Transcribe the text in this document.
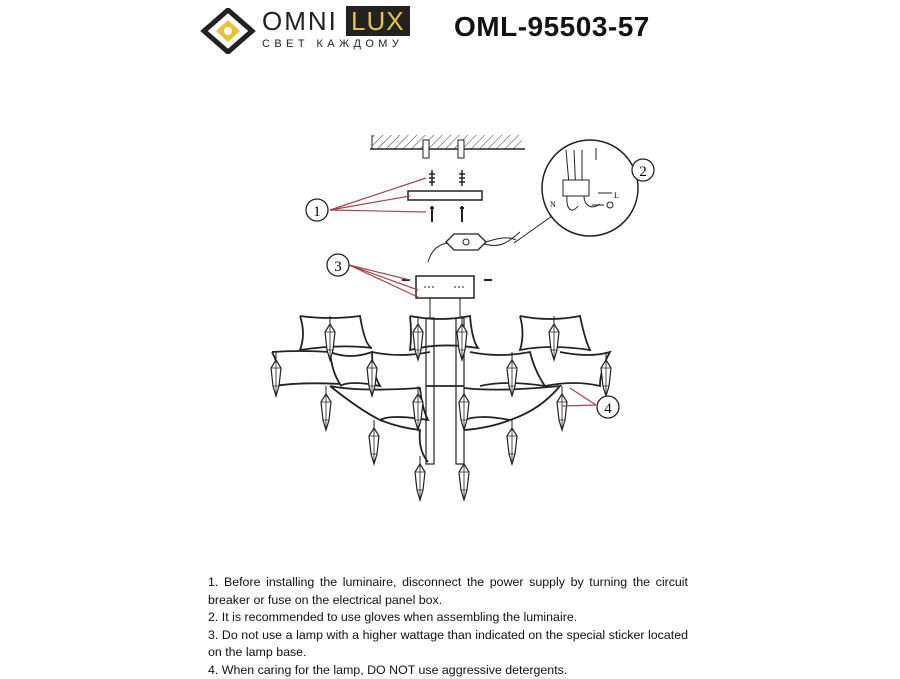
OMNI LUX
СВЕТ КАЖДОМУ
OML-95503-57
N
L
1
2
3
4

1. Before installing the luminaire, disconnect the power supply by turning the circuit breaker or fuse on the electrical panel box.

2. It is recommended to use gloves when assembling the luminaire.

3. Do not use a lamp with a higher wattage than indicated on the special sticker located on the lamp base.

4. When caring for the lamp, DO NOT use aggressive detergents.
